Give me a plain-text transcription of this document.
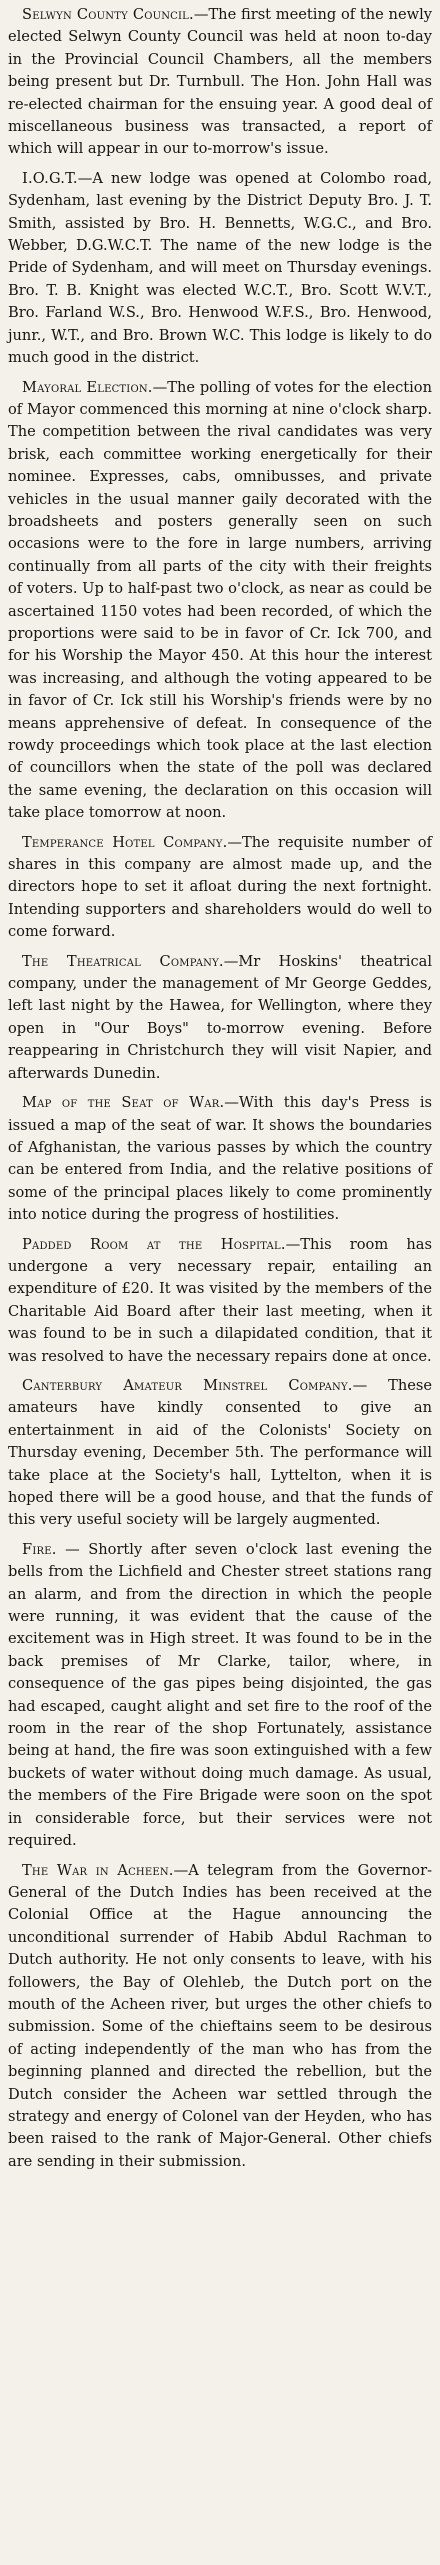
Selwyn County Council.—The first meeting of the newly elected Selwyn County Council was held at noon to-day in the Provincial Council Chambers, all the members being present but Dr. Turnbull. The Hon. John Hall was re-elected chairman for the ensuing year. A good deal of miscellaneous business was transacted, a report of which will appear in our to-morrow's issue.

I.O.G.T.—A new lodge was opened at Colombo road, Sydenham, last evening by the District Deputy Bro. J. T. Smith, assisted by Bro. H. Bennetts, W.G.C., and Bro. Webber, D.G.W.C.T. The name of the new lodge is the Pride of Sydenham, and will meet on Thursday evenings. Bro. T. B. Knight was elected W.C.T., Bro. Scott W.V.T., Bro. Farland W.S., Bro. Henwood W.F.S., Bro. Henwood, junr., W.T., and Bro. Brown W.C. This lodge is likely to do much good in the district.

Mayoral Election.—The polling of votes for the election of Mayor commenced this morning at nine o'clock sharp. The competition between the rival candidates was very brisk, each committee working energetically for their nominee. Expresses, cabs, omnibusses, and private vehicles in the usual manner gaily decorated with the broadsheets and posters generally seen on such occasions were to the fore in large numbers, arriving continually from all parts of the city with their freights of voters. Up to half-past two o'clock, as near as could be ascertained 1150 votes had been recorded, of which the proportions were said to be in favor of Cr. Ick 700, and for his Worship the Mayor 450. At this hour the interest was increasing, and although the voting appeared to be in favor of Cr. Ick still his Worship's friends were by no means apprehensive of defeat. In consequence of the rowdy proceedings which took place at the last election of councillors when the state of the poll was declared the same evening, the declaration on this occasion will take place tomorrow at noon.

Temperance Hotel Company.—The requisite number of shares in this company are almost made up, and the directors hope to set it afloat during the next fortnight. Intending supporters and shareholders would do well to come forward.

The Theatrical Company.—Mr Hoskins' theatrical company, under the management of Mr George Geddes, left last night by the Hawea, for Wellington, where they open in "Our Boys" to-morrow evening. Before reappearing in Christchurch they will visit Napier, and afterwards Dunedin.

Map of the Seat of War.—With this day's Press is issued a map of the seat of war. It shows the boundaries of Afghanistan, the various passes by which the country can be entered from India, and the relative positions of some of the principal places likely to come prominently into notice during the progress of hostilities.

Padded Room at the Hospital.—This room has undergone a very necessary repair, entailing an expenditure of £20. It was visited by the members of the Charitable Aid Board after their last meeting, when it was found to be in such a dilapidated condition, that it was resolved to have the necessary repairs done at once.

Canterbury Amateur Minstrel Company.— These amateurs have kindly consented to give an entertainment in aid of the Colonists' Society on Thursday evening, December 5th. The performance will take place at the Society's hall, Lyttelton, when it is hoped there will be a good house, and that the funds of this very useful society will be largely augmented.

Fire. — Shortly after seven o'clock last evening the bells from the Lichfield and Chester street stations rang an alarm, and from the direction in which the people were running, it was evident that the cause of the excitement was in High street. It was found to be in the back premises of Mr Clarke, tailor, where, in consequence of the gas pipes being disjointed, the gas had escaped, caught alight and set fire to the roof of the room in the rear of the shop Fortunately, assistance being at hand, the fire was soon extinguished with a few buckets of water without doing much damage. As usual, the members of the Fire Brigade were soon on the spot in considerable force, but their services were not required.

The War in Acheen.—A telegram from the Governor-General of the Dutch Indies has been received at the Colonial Office at the Hague announcing the unconditional surrender of Habib Abdul Rachman to Dutch authority. He not only consents to leave, with his followers, the Bay of Olehleb, the Dutch port on the mouth of the Acheen river, but urges the other chiefs to submission. Some of the chieftains seem to be desirous of acting independently of the man who has from the beginning planned and directed the rebellion, but the Dutch consider the Acheen war settled through the strategy and energy of Colonel van der Heyden, who has been raised to the rank of Major-General. Other chiefs are sending in their submission.
